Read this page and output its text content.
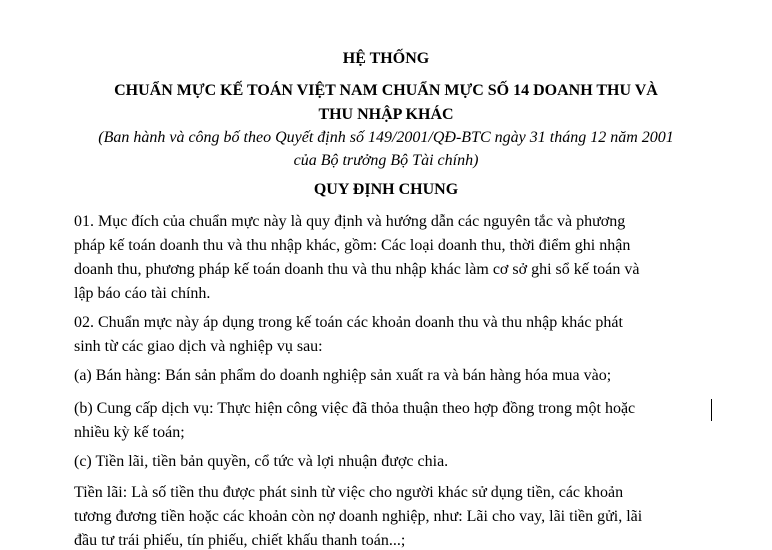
HỆ THỐNG
CHUẨN MỰC KẾ TOÁN VIỆT NAM CHUẨN MỰC SỐ 14 DOANH THU VÀ
THU NHẬP KHÁC
(Ban hành và công bố theo Quyết định số 149/2001/QĐ-BTC ngày 31 tháng 12 năm 2001
của Bộ trưởng Bộ Tài chính)
QUY ĐỊNH CHUNG
01. Mục đích của chuẩn mực này là quy định và hướng dẫn các nguyên tắc và phương
pháp kế toán doanh thu và thu nhập khác, gồm: Các loại doanh thu, thời điểm ghi nhận
doanh thu, phương pháp kế toán doanh thu và thu nhập khác làm cơ sở ghi sổ kế toán và
lập báo cáo tài chính.
02. Chuẩn mực này áp dụng trong kế toán các khoản doanh thu và thu nhập khác phát
sinh từ các giao dịch và nghiệp vụ sau:
(a) Bán hàng: Bán sản phẩm do doanh nghiệp sản xuất ra và bán hàng hóa mua vào;
(b) Cung cấp dịch vụ: Thực hiện công việc đã thỏa thuận theo hợp đồng trong một hoặc
nhiều kỳ kế toán;
(c) Tiền lãi, tiền bản quyền, cổ tức và lợi nhuận được chia.
Tiền lãi: Là số tiền thu được phát sinh từ việc cho người khác sử dụng tiền, các khoản
tương đương tiền hoặc các khoản còn nợ doanh nghiệp, như: Lãi cho vay, lãi tiền gửi, lãi
đầu tư trái phiếu, tín phiếu, chiết khấu thanh toán...;
